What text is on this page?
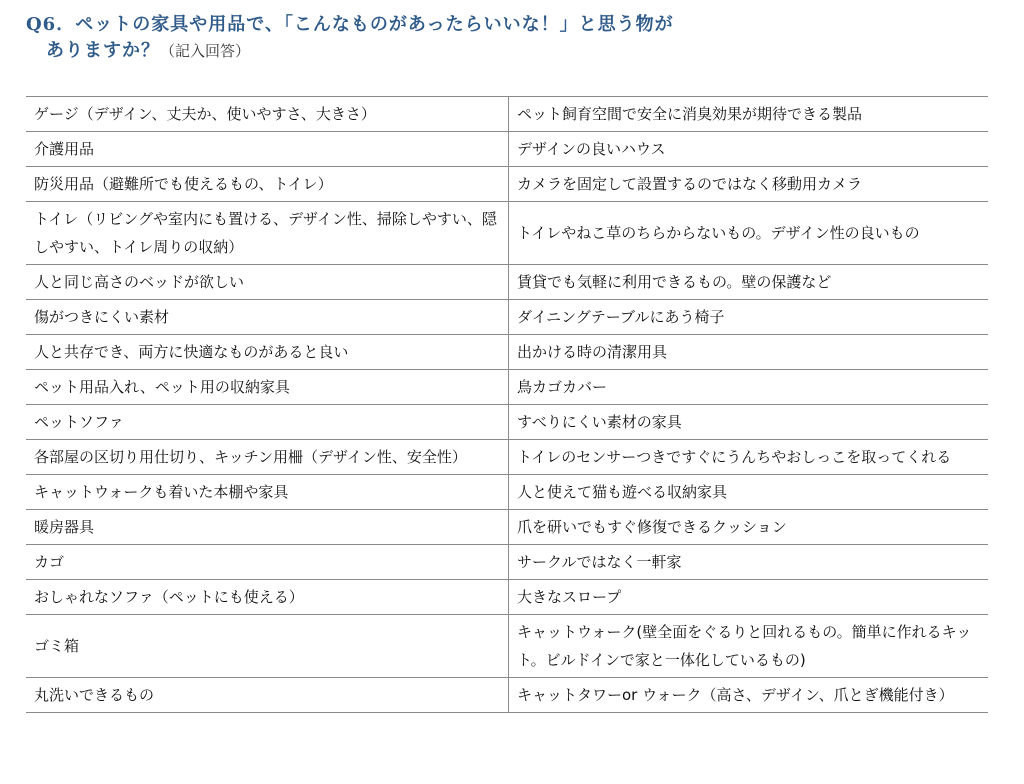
Q6．ペットの家具や用品で、「こんなものがあったらいいな！」と思う物が
ありますか？（記入回答）
ゲージ（デザイン、丈夫か、使いやすさ、大きさ）	ペット飼育空間で安全に消臭効果が期待できる製品
介護用品	デザインの良いハウス
防災用品（避難所でも使えるもの、トイレ）	カメラを固定して設置するのではなく移動用カメラ
トイレ（リビングや室内にも置ける、デザイン性、掃除しやすい、隠しやすい、トイレ周りの収納）	トイレやねこ草のちらからないもの。デザイン性の良いもの
人と同じ高さのベッドが欲しい	賃貸でも気軽に利用できるもの。壁の保護など
傷がつきにくい素材	ダイニングテーブルにあう椅子
人と共存でき、両方に快適なものがあると良い	出かける時の清潔用具
ペット用品入れ、ペット用の収納家具	鳥カゴカバー
ペットソファ	すべりにくい素材の家具
各部屋の区切り用仕切り、キッチン用柵（デザイン性、安全性）	トイレのセンサーつきですぐにうんちやおしっこを取ってくれる
キャットウォークも着いた本棚や家具	人と使えて猫も遊べる収納家具
暖房器具	爪を研いでもすぐ修復できるクッション
カゴ	サークルではなく一軒家
おしゃれなソファ（ペットにも使える）	大きなスロープ
ゴミ箱	キャットウォーク(壁全面をぐるりと回れるもの。簡単に作れるキット。ビルドインで家と一体化しているもの)
丸洗いできるもの	キャットタワーor ウォーク（高さ、デザイン、爪とぎ機能付き）
